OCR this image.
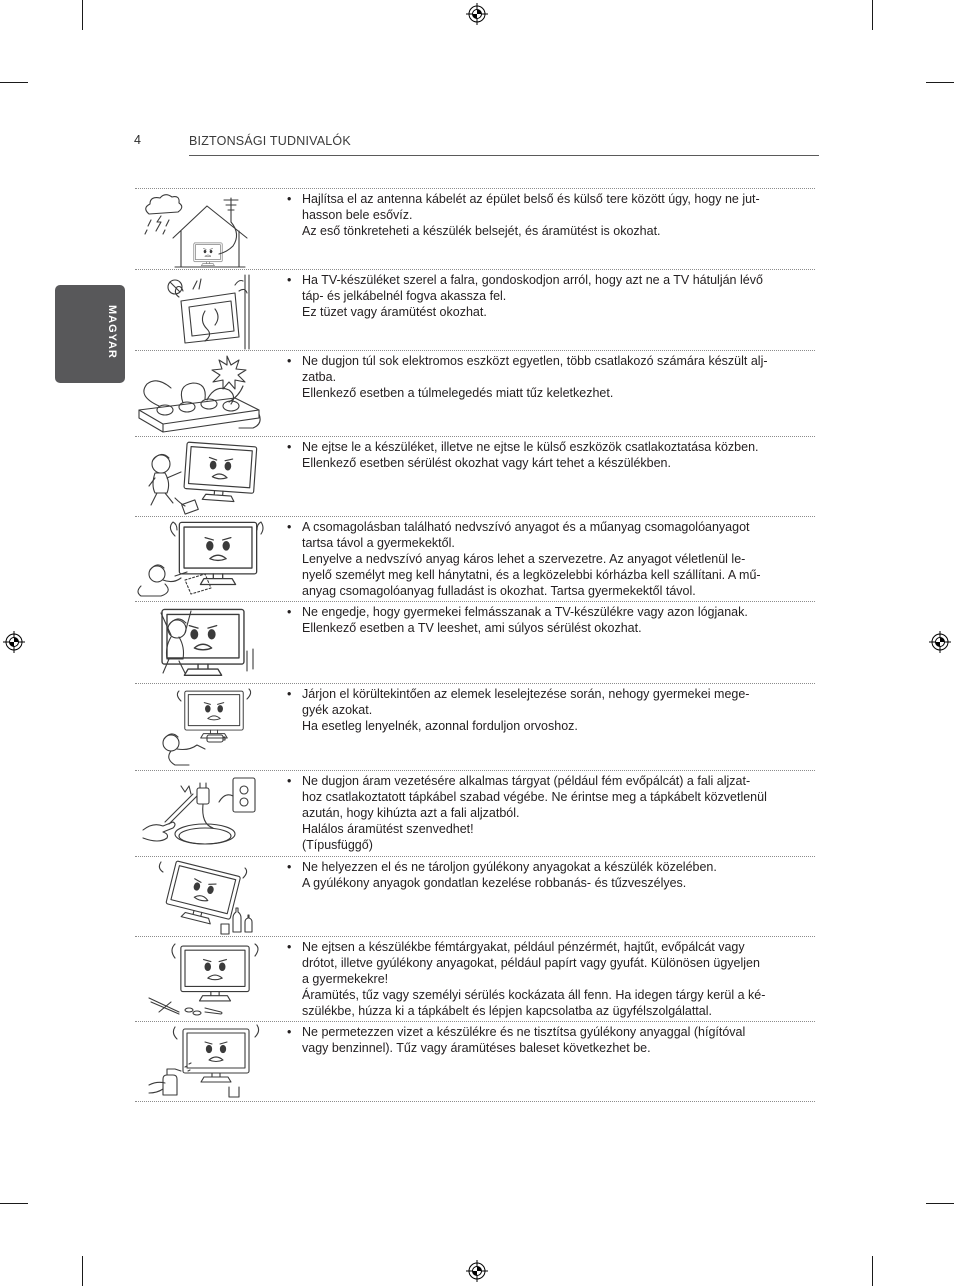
4	BIZTONSÁGI TUDNIVALÓK
MAGYAR
• Hajlítsa el az antenna kábelét az épület belső és külső tere között úgy, hogy ne jut-
hasson bele esővíz.
Az eső tönkreteheti a készülék belsejét, és áramütést is okozhat.

• Ha TV-készüléket szerel a falra, gondoskodjon arról, hogy azt ne a TV hátulján lévő
táp- és jelkábelnél fogva akassza fel.
Ez tüzet vagy áramütést okozhat.

• Ne dugjon túl sok elektromos eszközt egyetlen, több csatlakozó számára készült alj-
zatba.
Ellenkező esetben a túlmelegedés miatt tűz keletkezhet.

• Ne ejtse le a készüléket, illetve ne ejtse le külső eszközök csatlakoztatása közben.
Ellenkező esetben sérülést okozhat vagy kárt tehet a készülékben.

• A csomagolásban található nedvszívó anyagot és a műanyag csomagolóanyagot
tartsa távol a gyermekektől.
Lenyelve a nedvszívó anyag káros lehet a szervezetre. Az anyagot véletlenül le-
nyelő személyt meg kell hánytatni, és a legközelebbi kórházba kell szállítani. A mű-
anyag csomagolóanyag fulladást is okozhat. Tartsa gyermekektől távol.

• Ne engedje, hogy gyermekei felmásszanak a TV-készülékre vagy azon lógjanak.
Ellenkező esetben a TV leeshet, ami súlyos sérülést okozhat.

• Járjon el körültekintően az elemek leselejtezése során, nehogy gyermekei mege-
gyék azokat.
Ha esetleg lenyelnék, azonnal forduljon orvoshoz.

• Ne dugjon áram vezetésére alkalmas tárgyat (például fém evőpálcát) a fali aljzat-
hoz csatlakoztatott tápkábel szabad végébe. Ne érintse meg a tápkábelt közvetlenül
azután, hogy kihúzta azt a fali aljzatból.
Halálos áramütést szenvedhet!
(Típusfüggő)

• Ne helyezzen el és ne tároljon gyúlékony anyagokat a készülék közelében.
A gyúlékony anyagok gondatlan kezelése robbanás- és tűzveszélyes.

• Ne ejtsen a készülékbe fémtárgyakat, például pénzérmét, hajtűt, evőpálcát vagy
drótot, illetve gyúlékony anyagokat, például papírt vagy gyufát. Különösen ügyeljen
a gyermekekre!
Áramütés, tűz vagy személyi sérülés kockázata áll fenn. Ha idegen tárgy kerül a ké-
szülékbe, húzza ki a tápkábelt és lépjen kapcsolatba az ügyfélszolgálattal.

• Ne permetezzen vizet a készülékre és ne tisztítsa gyúlékony anyaggal (hígítóval
vagy benzinnel). Tűz vagy áramütéses baleset következhet be.
